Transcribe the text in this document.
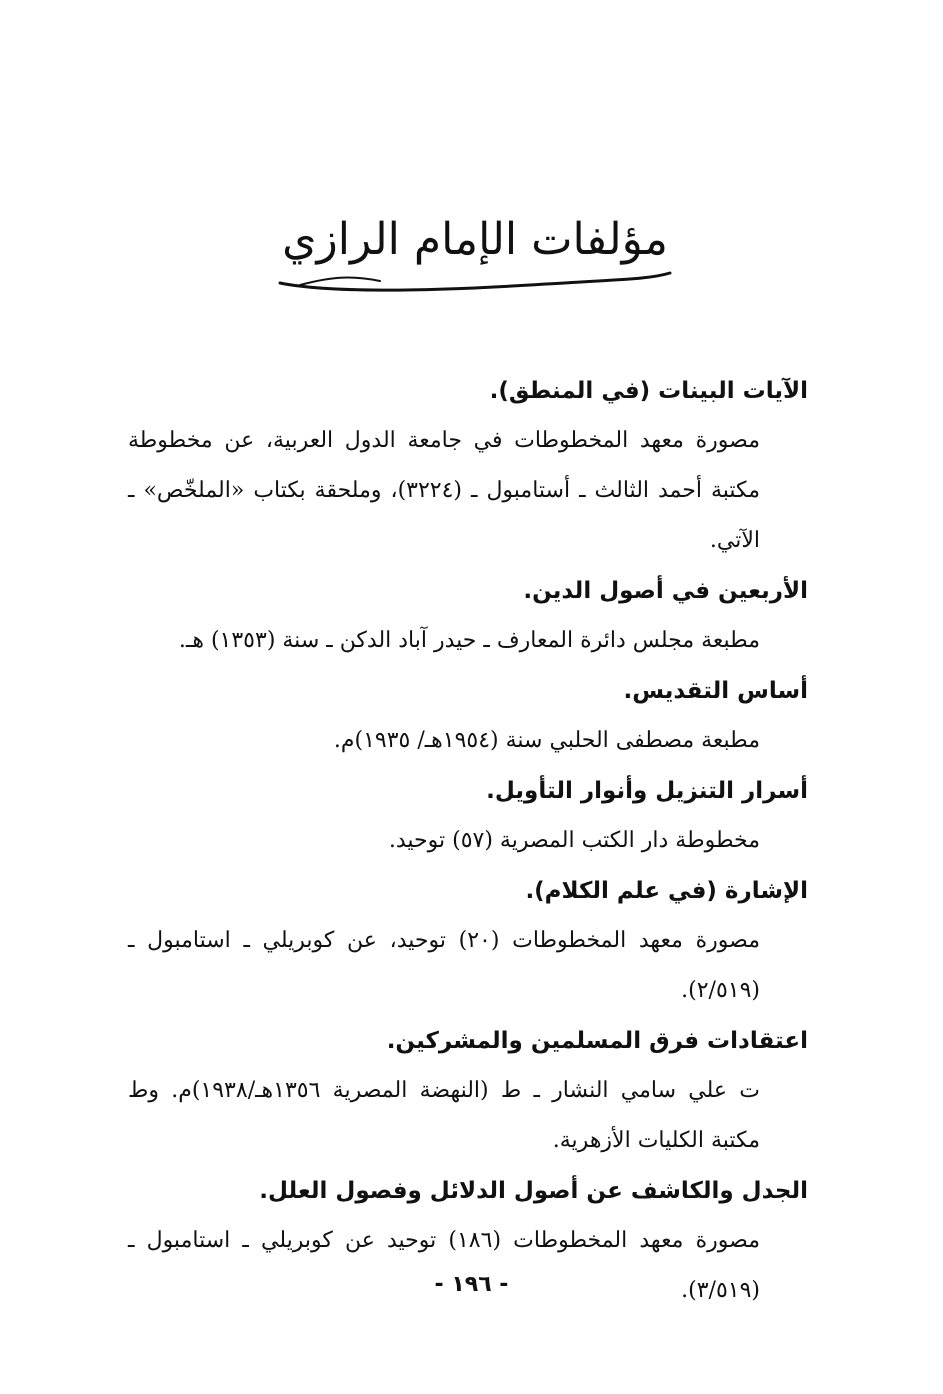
مؤلفات الإمام الرازي
الآيات البينات (في المنطق).
مصورة معهد المخطوطات في جامعة الدول العربية، عن مخطوطة مكتبة أحمد الثالث ـ أستامبول ـ (٣٢٢٤)، وملحقة بكتاب «الملخّص» ـ الآتي.
الأربعين في أصول الدين.
مطبعة مجلس دائرة المعارف ـ حيدر آباد الدكن ـ سنة (١٣٥٣) هـ.
أساس التقديس.
مطبعة مصطفى الحلبي سنة (١٩٥٤هـ/ ١٩٣٥)م.
أسرار التنزيل وأنوار التأويل.
مخطوطة دار الكتب المصرية (٥٧) توحيد.
الإشارة (في علم الكلام).
مصورة معهد المخطوطات (٢٠) توحيد، عن كوبريلي ـ استامبول ـ (٢/٥١٩).
اعتقادات فرق المسلمين والمشركين.
ت علي سامي النشار ـ ط (النهضة المصرية ١٣٥٦هـ/١٩٣٨)م. وط مكتبة الكليات الأزهرية.
الجدل والكاشف عن أصول الدلائل وفصول العلل.
مصورة معهد المخطوطات (١٨٦) توحيد عن كوبريلي ـ استامبول ـ (٣/٥١٩).
- ١٩٦ -
